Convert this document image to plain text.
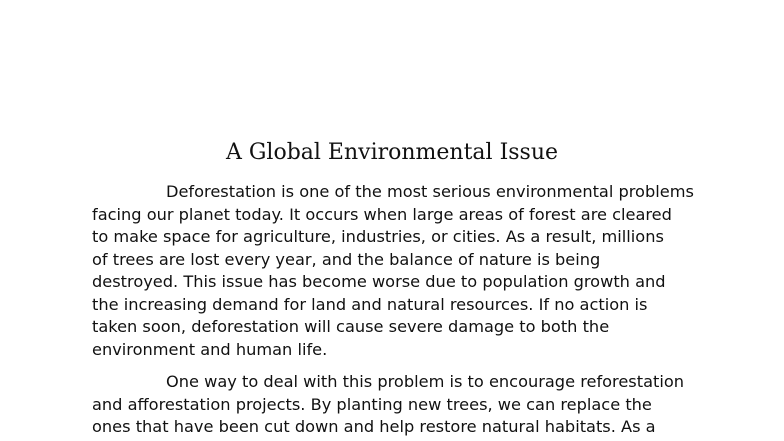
A Global Environmental Issue

Deforestation is one of the most serious environmental problems
facing our planet today. It occurs when large areas of forest are cleared
to make space for agriculture, industries, or cities. As a result, millions
of trees are lost every year, and the balance of nature is being
destroyed. This issue has become worse due to population growth and
the increasing demand for land and natural resources. If no action is
taken soon, deforestation will cause severe damage to both the
environment and human life.

One way to deal with this problem is to encourage reforestation
and afforestation projects. By planting new trees, we can replace the
ones that have been cut down and help restore natural habitats. As a
